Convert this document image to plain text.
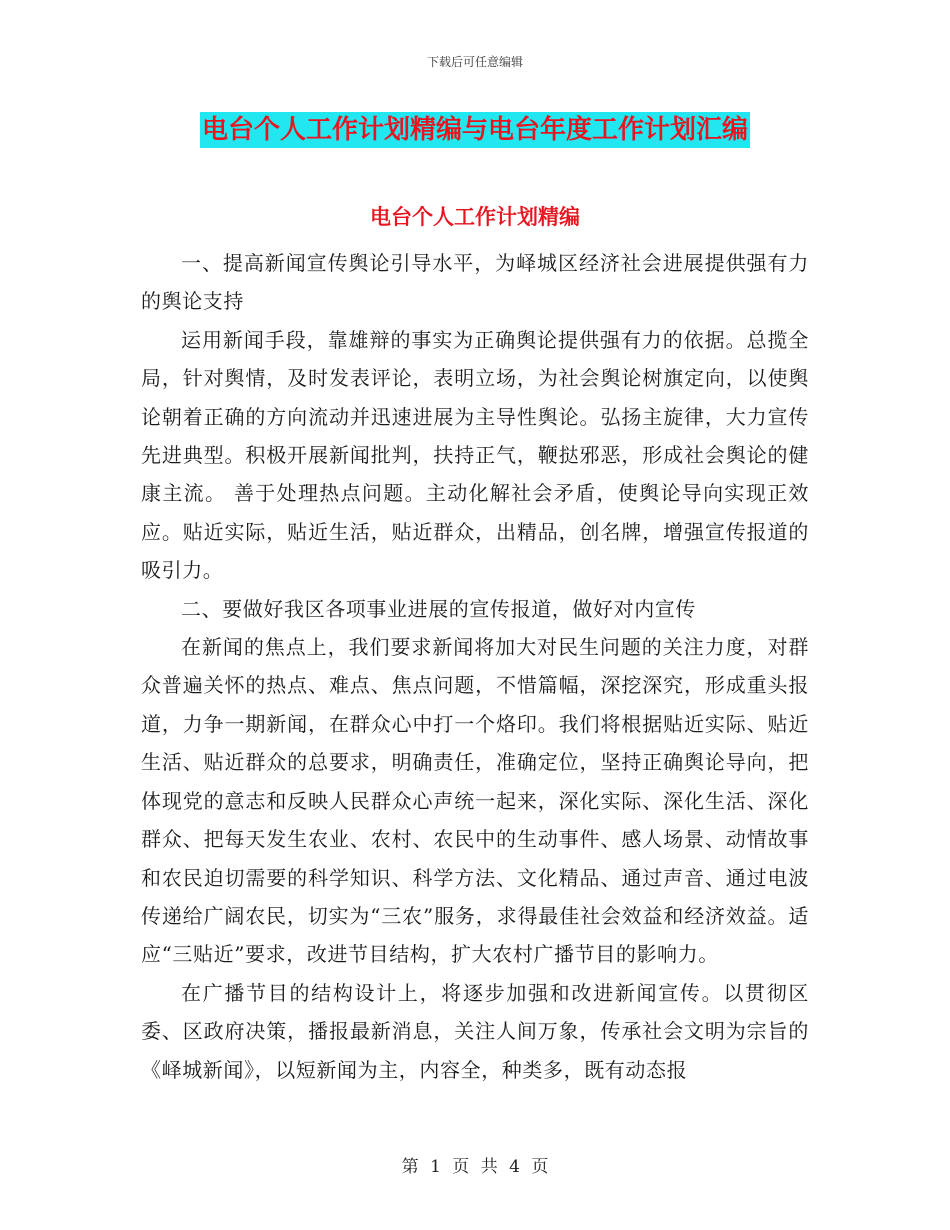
下载后可任意编辑
电台个人工作计划精编与电台年度工作计划汇编
电台个人工作计划精编

一、提高新闻宣传舆论引导水平，为峄城区经济社会进展提供强有力的舆论支持

运用新闻手段，靠雄辩的事实为正确舆论提供强有力的依据。总揽全局，针对舆情，及时发表评论，表明立场，为社会舆论树旗定向，以使舆论朝着正确的方向流动并迅速进展为主导性舆论。弘扬主旋律，大力宣传先进典型。积极开展新闻批判，扶持正气，鞭挞邪恶，形成社会舆论的健康主流。 善于处理热点问题。主动化解社会矛盾，使舆论导向实现正效应。贴近实际，贴近生活，贴近群众，出精品，创名牌，增强宣传报道的吸引力。

二、要做好我区各项事业进展的宣传报道，做好对内宣传

在新闻的焦点上，我们要求新闻将加大对民生问题的关注力度，对群众普遍关怀的热点、难点、焦点问题，不惜篇幅，深挖深究，形成重头报道，力争一期新闻，在群众心中打一个烙印。我们将根据贴近实际、贴近生活、贴近群众的总要求，明确责任，准确定位，坚持正确舆论导向，把体现党的意志和反映人民群众心声统一起来，深化实际、深化生活、深化群众、把每天发生农业、农村、农民中的生动事件、感人场景、动情故事和农民迫切需要的科学知识、科学方法、文化精品、通过声音、通过电波传递给广阔农民，切实为“三农”服务，求得最佳社会效益和经济效益。适应“三贴近”要求，改进节目结构，扩大农村广播节目的影响力。

在广播节目的结构设计上，将逐步加强和改进新闻宣传。以贯彻区委、区政府决策，播报最新消息，关注人间万象，传承社会文明为宗旨的《峄城新闻》，以短新闻为主，内容全，种类多，既有动态报

第 1 页 共 4 页
